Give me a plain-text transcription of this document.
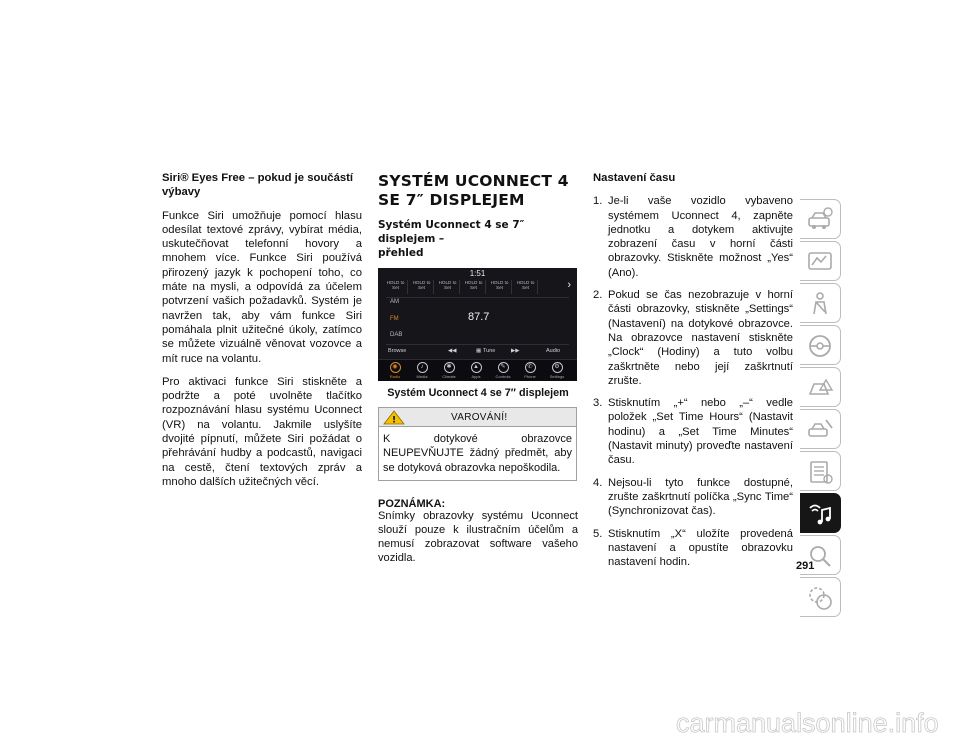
Siri® Eyes Free – pokud je součástí výbavy

Funkce Siri umožňuje pomocí hlasu odesílat textové zprávy, vybírat média, uskutečňovat telefonní hovory a mnohem více. Funkce Siri používá přirozený jazyk k pochopení toho, co máte na mysli, a odpovídá za účelem potvrzení vašich požadavků. Systém je navržen tak, aby vám funkce Siri pomáhala plnit užitečné úkoly, zatímco se můžete vizuálně věnovat vozovce a mít ruce na volantu.

Pro aktivaci funkce Siri stiskněte a podržte a poté uvolněte tlačítko rozpoznávání hlasu systému Uconnect (VR) na volantu. Jakmile uslyšíte dvojité pípnutí, můžete Siri požádat o přehrávání hudby a podcastů, navigaci na cestě, čtení textových zpráv a mnoho dalších užitečných věcí.

SYSTÉM UCONNECT 4
SE 7″ DISPLEJEM
Systém Uconnect 4 se 7″ displejem –
přehled
1:51
HOLD to Set
HOLD to Set
HOLD to Set
HOLD to Set
HOLD to Set
HOLD to Set	›
AM
FM
DAB
87.7
Browse	◀◀	▦ Tune	▶▶	Audio
◉
Radio
♪
Media
✱
Climate
▲
Apps
✎
Controls
✆
Phone
⚙
Settings
Systém Uconnect 4 se 7″ displejem
!	VAROVÁNÍ!
K dotykové obrazovce NEUPEVŇUJTE žádný předmět, aby se dotyková obrazovka nepoškodila.
POZNÁMKA:
Snímky obrazovky systému Uconnect slouží pouze k ilustračním účelům a nemusí zobrazovat software vašeho vozidla.
Nastavení času
1. Je-li vaše vozidlo vybaveno systémem Uconnect 4, zapněte jednotku a dotykem aktivujte zobrazení času v horní části obrazovky. Stiskněte možnost „Yes“ (Ano).
2. Pokud se čas nezobrazuje v horní části obrazovky, stiskněte „Settings“ (Nastavení) na dotykové obrazovce. Na obrazovce nastavení stiskněte „Clock“ (Hodiny) a tuto volbu zaškrtněte nebo její zaškrtnutí zrušte.
3. Stisknutím „+“ nebo „–“ vedle položek „Set Time Hours“ (Nastavit hodinu) a „Set Time Minutes“ (Nastavit minuty) proveďte nastavení času.
4. Nejsou-li tyto funkce dostupné, zrušte zaškrtnutí políčka „Sync Time“ (Synchronizovat čas).
5. Stisknutím „X“ uložíte provedená nastavení a opustíte obrazovku nastavení hodin.	291
carmanualsonline.info
